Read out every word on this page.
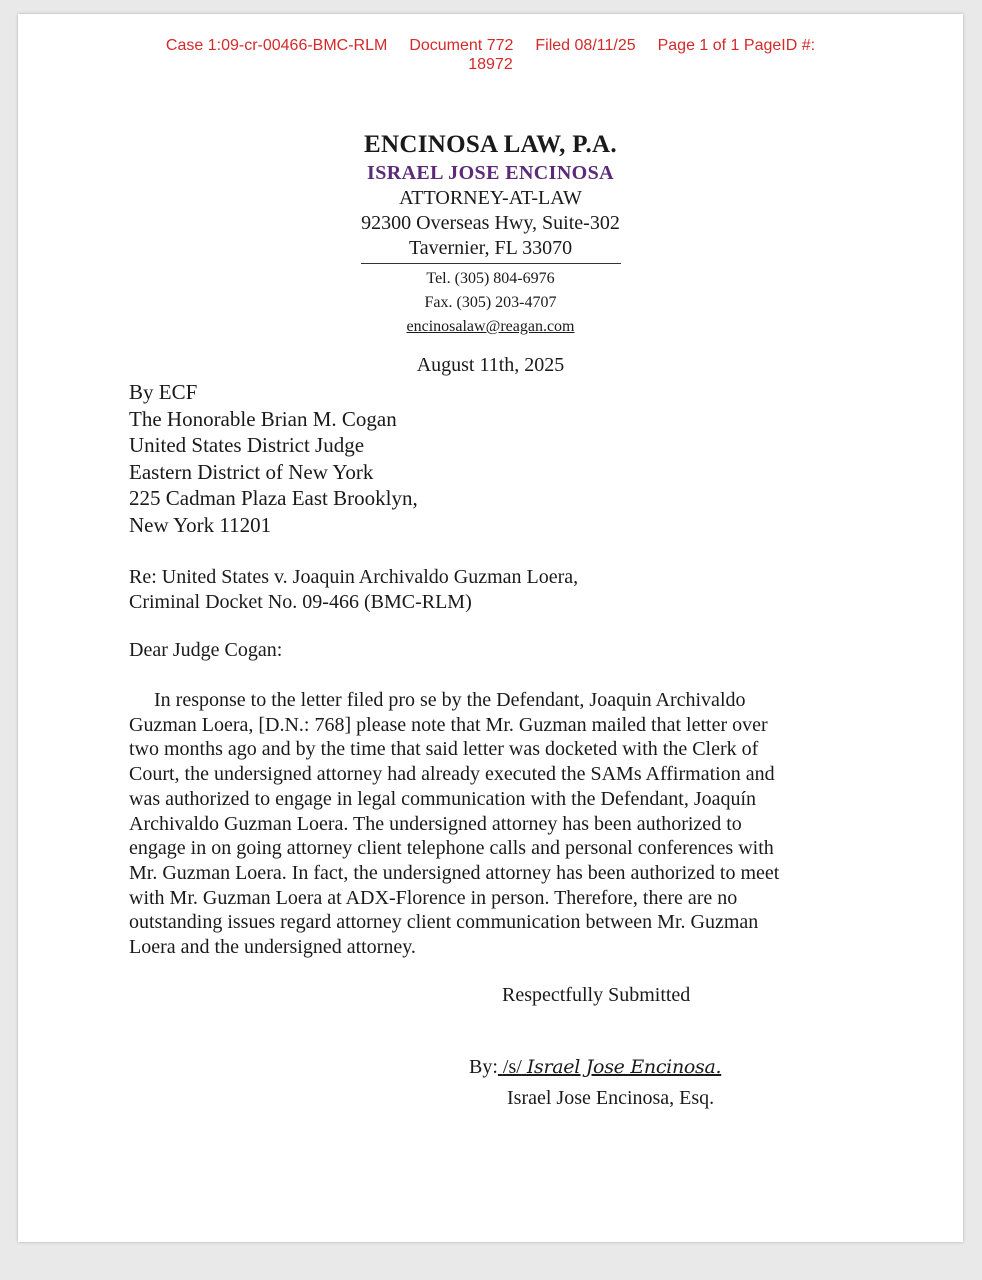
Case 1:09-cr-00466-BMC-RLM Document 772 Filed 08/11/25 Page 1 of 1 PageID #:
18972
ENCINOSA LAW, P.A.
ISRAEL JOSE ENCINOSA
ATTORNEY-AT-LAW
92300 Overseas Hwy, Suite-302
Tavernier, FL 33070
Tel. (305) 804-6976
Fax. (305) 203-4707
encinosalaw@reagan.com
August 11th, 2025
By ECF
The Honorable Brian M. Cogan
United States District Judge
Eastern District of New York
225 Cadman Plaza East Brooklyn,
New York 11201
Re: United States v. Joaquin Archivaldo Guzman Loera,
Criminal Docket No. 09-466 (BMC-RLM)
Dear Judge Cogan:
In response to the letter filed pro se by the Defendant, Joaquin Archivaldo
Guzman Loera, [D.N.: 768] please note that Mr. Guzman mailed that letter over
two months ago and by the time that said letter was docketed with the Clerk of
Court, the undersigned attorney had already executed the SAMs Affirmation and
was authorized to engage in legal communication with the Defendant, Joaquín
Archivaldo Guzman Loera. The undersigned attorney has been authorized to
engage in on going attorney client telephone calls and personal conferences with
Mr. Guzman Loera. In fact, the undersigned attorney has been authorized to meet
with Mr. Guzman Loera at ADX-Florence in person. Therefore, there are no
outstanding issues regard attorney client communication between Mr. Guzman
Loera and the undersigned attorney.
Respectfully Submitted
By: /s/ Israel Jose Encinosa.
Israel Jose Encinosa, Esq.
